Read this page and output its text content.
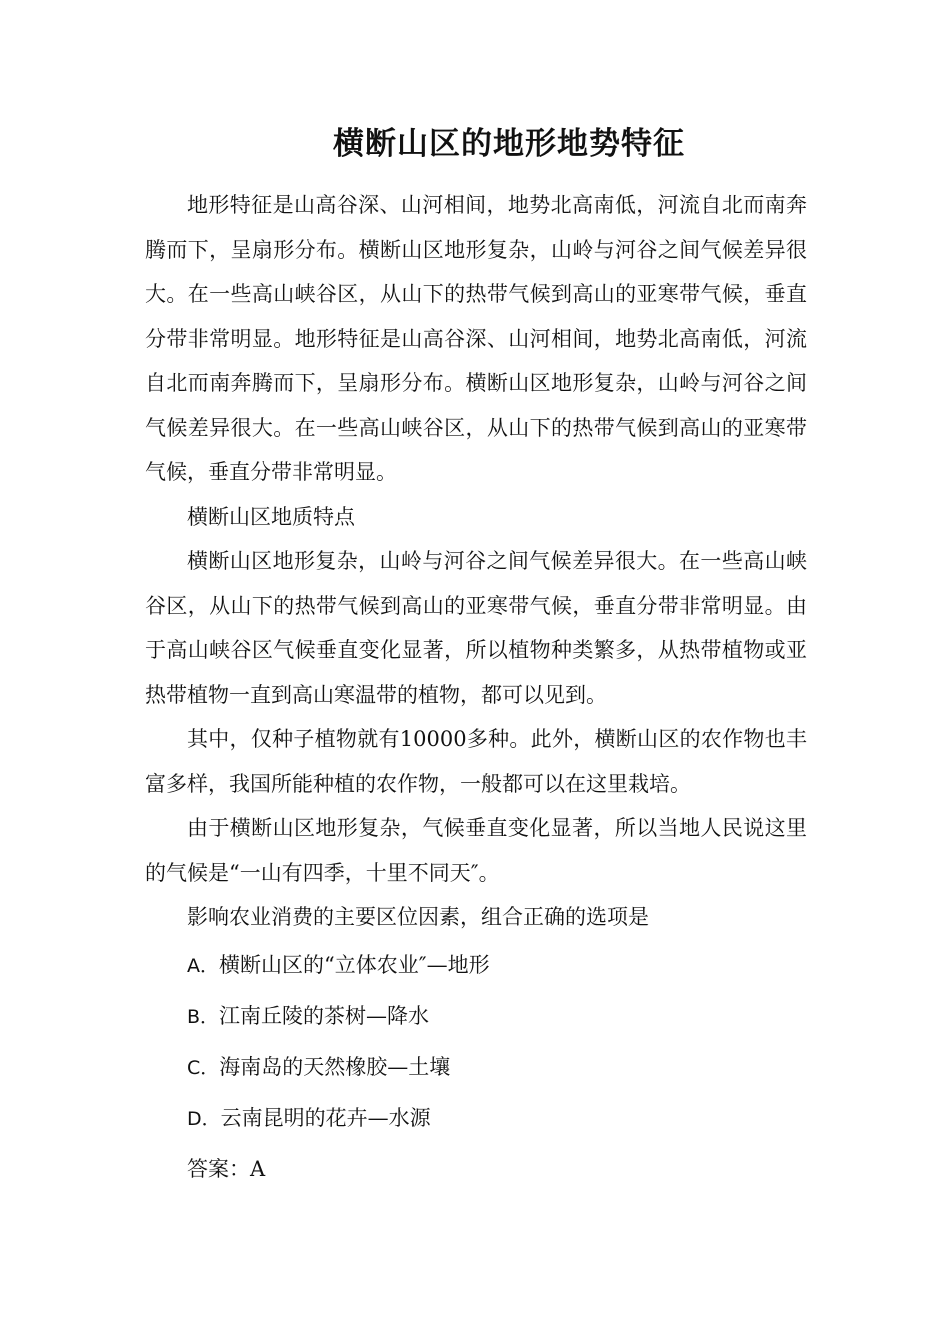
横断山区的地形地势特征

地形特征是山高谷深、山河相间，地势北高南低，河流自北而南奔腾而下，呈扇形分布。横断山区地形复杂，山岭与河谷之间气候差异很大。在一些高山峡谷区，从山下的热带气候到高山的亚寒带气候，垂直分带非常明显。地形特征是山高谷深、山河相间，地势北高南低，河流自北而南奔腾而下，呈扇形分布。横断山区地形复杂，山岭与河谷之间气候差异很大。在一些高山峡谷区，从山下的热带气候到高山的亚寒带气候，垂直分带非常明显。

横断山区地质特点

横断山区地形复杂，山岭与河谷之间气候差异很大。在一些高山峡谷区，从山下的热带气候到高山的亚寒带气候，垂直分带非常明显。由于高山峡谷区气候垂直变化显著，所以植物种类繁多，从热带植物或亚热带植物一直到高山寒温带的植物，都可以见到。

其中，仅种子植物就有10000多种。此外，横断山区的农作物也丰富多样，我国所能种植的农作物，一般都可以在这里栽培。

由于横断山区地形复杂，气候垂直变化显著，所以当地人民说这里的气候是“一山有四季，十里不同天″。

影响农业消费的主要区位因素，组合正确的选项是

A．横断山区的“立体农业″—地形

B．江南丘陵的茶树—降水

C．海南岛的天然橡胶—土壤

D．云南昆明的花卉—水源

答案：A
